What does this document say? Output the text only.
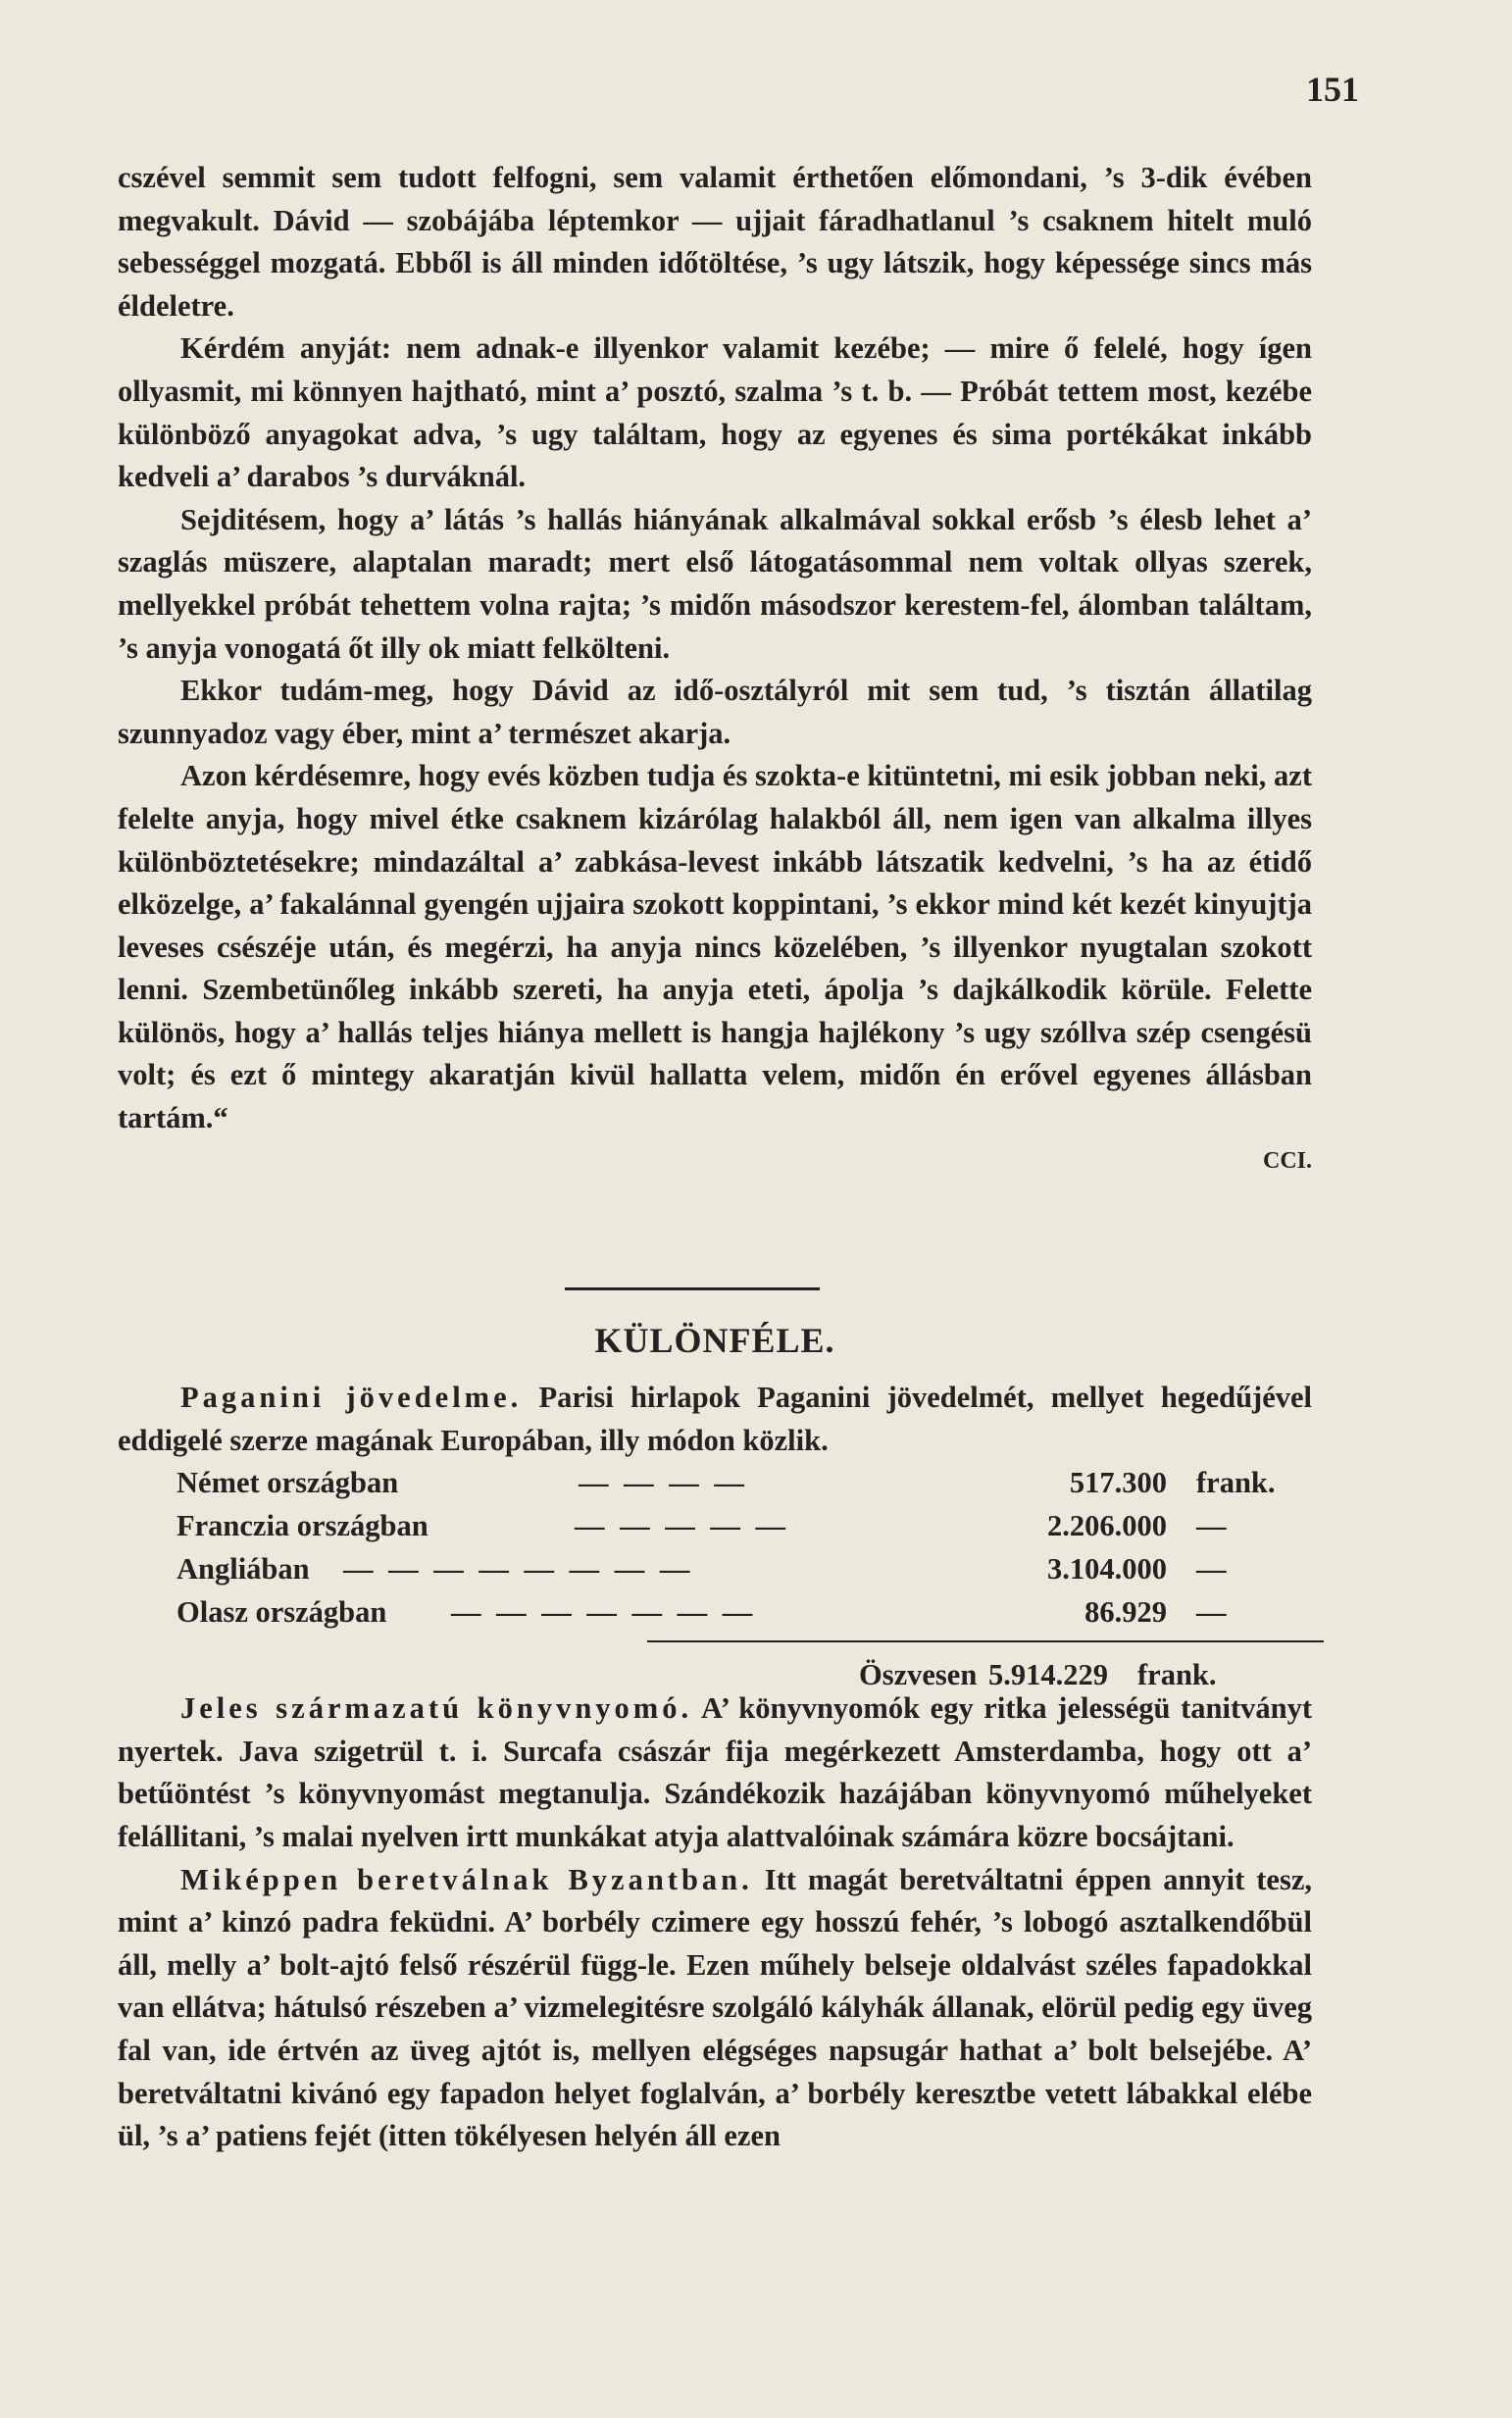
151

cszével semmit sem tudott felfogni, sem valamit érthetően előmondani, ’s 3-dik évében megvakult. Dávid — szobájába léptemkor — ujjait fáradhatlanul ’s csaknem hitelt muló sebességgel mozgatá. Ebből is áll minden időtöltése, ’s ugy látszik, hogy képessége sincs más éldeletre.

Kérdém anyját: nem adnak-e illyenkor valamit kezébe; — mire ő felelé, hogy ígen ollyasmit, mi könnyen hajtható, mint a’ posztó, szalma ’s t. b. — Próbát tettem most, kezébe különböző anyagokat adva, ’s ugy találtam, hogy az egyenes és sima portékákat inkább kedveli a’ darabos ’s durváknál.

Sejditésem, hogy a’ látás ’s hallás hiányának alkalmával sokkal erősb ’s élesb lehet a’ szaglás müszere, alaptalan maradt; mert első látogatásommal nem voltak ollyas szerek, mellyekkel próbát tehettem volna rajta; ’s midőn másodszor kerestem-fel, álomban találtam, ’s anyja vonogatá őt illy ok miatt felkölteni.

Ekkor tudám-meg, hogy Dávid az idő-osztályról mit sem tud, ’s tisztán állatilag szunnyadoz vagy éber, mint a’ természet akarja.

Azon kérdésemre, hogy evés közben tudja és szokta-e kitüntetni, mi esik jobban neki, azt felelte anyja, hogy mivel étke csaknem kizárólag halakból áll, nem igen van alkalma illyes különböztetésekre; mindazáltal a’ zabkása-levest inkább látszatik kedvelni, ’s ha az étidő elközelge, a’ fakalánnal gyengén ujjaira szokott koppintani, ’s ekkor mind két kezét kinyujtja leveses csészéje után, és megérzi, ha anyja nincs közelében, ’s illyenkor nyugtalan szokott lenni. Szembetünőleg inkább szereti, ha anyja eteti, ápolja ’s dajkálkodik körüle. Felette különös, hogy a’ hallás teljes hiánya mellett is hangja hajlékony ’s ugy szóllva szép csengésü volt; és ezt ő mintegy akaratján kivül hallatta velem, midőn én erővel egyenes állásban tartám.“

CCI.
KÜLÖNFÉLE.

Paganini jövedelme. Parisi hirlapok Paganini jövedelmét, mellyet hegedűjével eddigelé szerze magának Europában, illy módon közlik.

Német országban	— — — —	517.300 frank.
Franczia országban	— — — — —	2.206.000 —
Angliában — — — — — — — —	3.104.000 —
Olasz országban — — — — — — —	86.929 —
Öszvesen 5.914.229 frank.

Jeles származatú könyvnyomó. A’ könyvnyomók egy ritka jelességü tanitványt nyertek. Java szigetrül t. i. Surcafa császár fija megérkezett Amsterdamba, hogy ott a’ betűöntést ’s könyvnyomást megtanulja. Szándékozik hazájában könyvnyomó műhelyeket felállitani, ’s malai nyelven irtt munkákat atyja alattvalóinak számára közre bocsájtani.

Miképpen beretválnak Byzantban. Itt magát beretváltatni éppen annyit tesz, mint a’ kinzó padra feküdni. A’ borbély czimere egy hosszú fehér, ’s lobogó asztalkendőbül áll, melly a’ bolt-ajtó felső részérül függ-le. Ezen műhely belseje oldalvást széles fapadokkal van ellátva; hátulsó részeben a’ vizmelegitésre szolgáló kályhák állanak, elörül pedig egy üveg fal van, ide értvén az üveg ajtót is, mellyen elégséges napsugár hathat a’ bolt belsejébe. A’ beretváltatni kivánó egy fapadon helyet foglalván, a’ borbély keresztbe vetett lábakkal elébe ül, ’s a’ patiens fejét (itten tökélyesen helyén áll ezen
